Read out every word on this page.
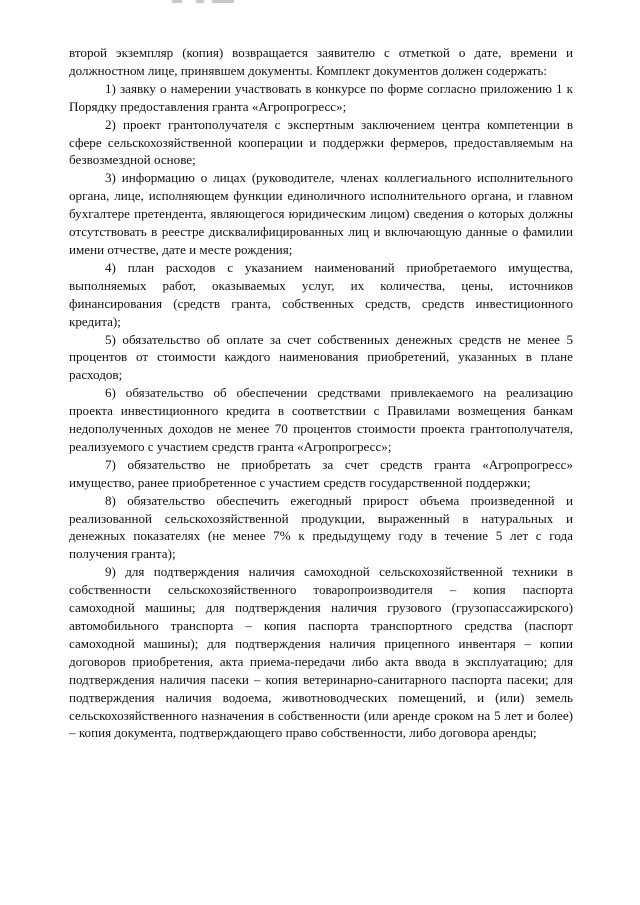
второй экземпляр (копия) возвращается заявителю с отметкой о дате, времени и должностном лице, принявшем документы. Комплект документов должен содержать:

1) заявку о намерении участвовать в конкурсе по форме согласно приложению 1 к Порядку предоставления гранта «Агропрогресс»;

2) проект грантополучателя с экспертным заключением центра компетенции в сфере сельскохозяйственной кооперации и поддержки фермеров, предоставляемым на безвозмездной основе;

3) информацию о лицах (руководителе, членах коллегиального исполнительного органа, лице, исполняющем функции единоличного исполнительного органа, и главном бухгалтере претендента, являющегося юридическим лицом) сведения о которых должны отсутствовать в реестре дисквалифицированных лиц и включающую данные о фамилии имени отчестве, дате и месте рождения;

4) план расходов с указанием наименований приобретаемого имущества, выполняемых работ, оказываемых услуг, их количества, цены, источников финансирования (средств гранта, собственных средств, средств инвестиционного кредита);

5) обязательство об оплате за счет собственных денежных средств не менее 5 процентов от стоимости каждого наименования приобретений, указанных в плане расходов;

6) обязательство об обеспечении средствами привлекаемого на реализацию проекта инвестиционного кредита в соответствии с Правилами возмещения банкам недополученных доходов не менее 70 процентов стоимости проекта грантополучателя, реализуемого с участием средств гранта «Агропрогресс»;

7) обязательство не приобретать за счет средств гранта «Агропрогресс» имущество, ранее приобретенное с участием средств государственной поддержки;

8) обязательство обеспечить ежегодный прирост объема произведенной и реализованной сельскохозяйственной продукции, выраженный в натуральных и денежных показателях (не менее 7% к предыдущему году в течение 5 лет с года получения гранта);

9) для подтверждения наличия самоходной сельскохозяйственной техники в собственности сельскохозяйственного товаропроизводителя – копия паспорта самоходной машины; для подтверждения наличия грузового (грузопассажирского) автомобильного транспорта – копия паспорта транспортного средства (паспорт самоходной машины); для подтверждения наличия прицепного инвентаря – копии договоров приобретения, акта приема-передачи либо акта ввода в эксплуатацию; для подтверждения наличия пасеки – копия ветеринарно-санитарного паспорта пасеки; для подтверждения наличия водоема, животноводческих помещений, и (или) земель сельскохозяйственного назначения в собственности (или аренде сроком на 5 лет и более) – копия документа, подтверждающего право собственности, либо договора аренды;
